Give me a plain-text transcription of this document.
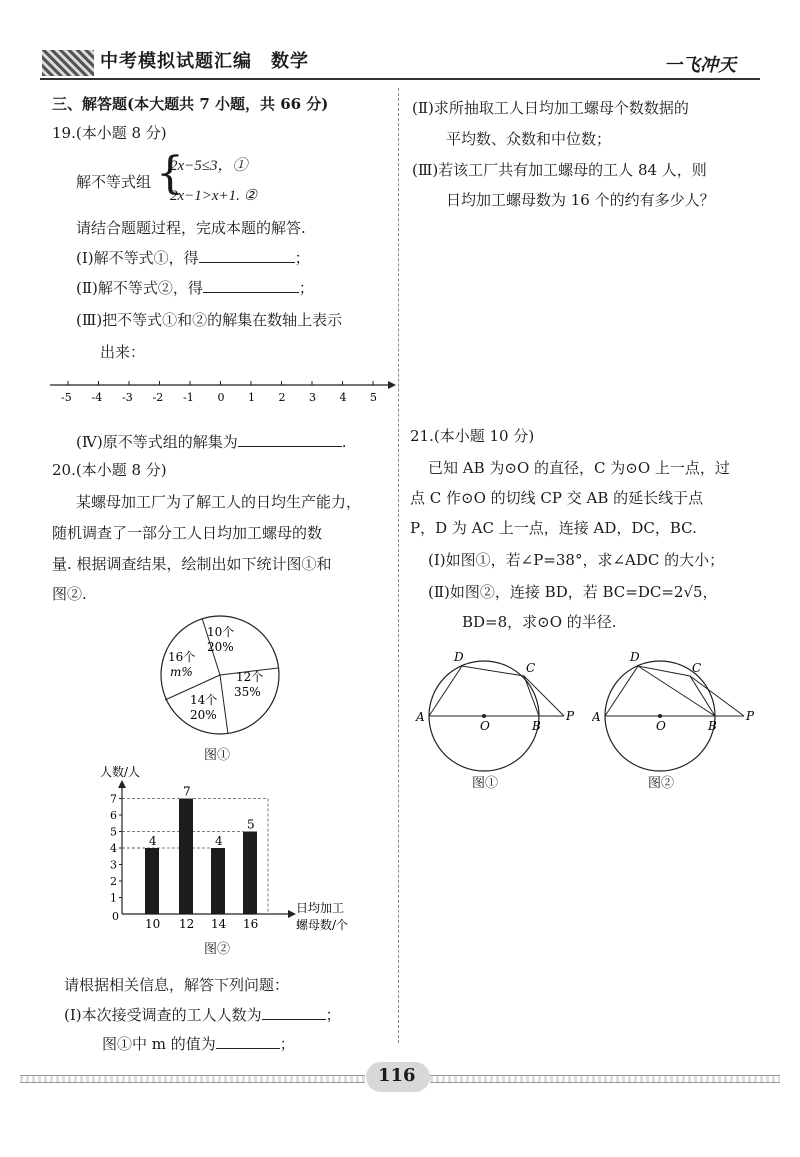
中考模拟试题汇编　数学	一飞冲天
三、解答题(本大题共 7 小题，共 66 分)
19.(本小题 8 分)
解不等式组 {
2x−5≤3，①
2x−1>x+1. ②
请结合题题过程，完成本题的解答.
(Ⅰ)解不等式①，得	；
(Ⅱ)解不等式②，得	；
(Ⅲ)把不等式①和②的解集在数轴上表示
出来：
-5 -4 -3 -2 -1 0 1 2 3 4 5
(Ⅳ)原不等式组的解集为	.
20.(本小题 8 分)
某螺母加工厂为了解工人的日均生产能力，
随机调查了一部分工人日均加工螺母的数
量. 根据调查结果，绘制出如下统计图①和
图②.
10个
20%
12个
35%
14个
20%
16个
m%
图①
人数/人
1
2
3
4
5
6
7
4
10
7
12
4
14
5
16
0
日均加工
螺母数/个
图②
请根据相关信息，解答下列问题：
(Ⅰ)本次接受调查的工人人数为	；
图①中 m 的值为	；
(Ⅱ)求所抽取工人日均加工螺母个数数据的
平均数、众数和中位数；
(Ⅲ)若该工厂共有加工螺母的工人 84 人，则
日均加工螺母数为 16 个的约有多少人？
21.(本小题 10 分)
已知 AB 为⊙O 的直径，C 为⊙O 上一点，过
点 C 作⊙O 的切线 CP 交 AB 的延长线于点
P，D 为 AC 上一点，连接 AD，DC，BC.
(Ⅰ)如图①，若∠P=38°，求∠ADC 的大小；
(Ⅱ)如图②，连接 BD，若 BC=DC=2√5，
BD=8，求⊙O 的半径.
A
B
C
D
O
P
图①
A
B
C
D
O
P
图②
116
